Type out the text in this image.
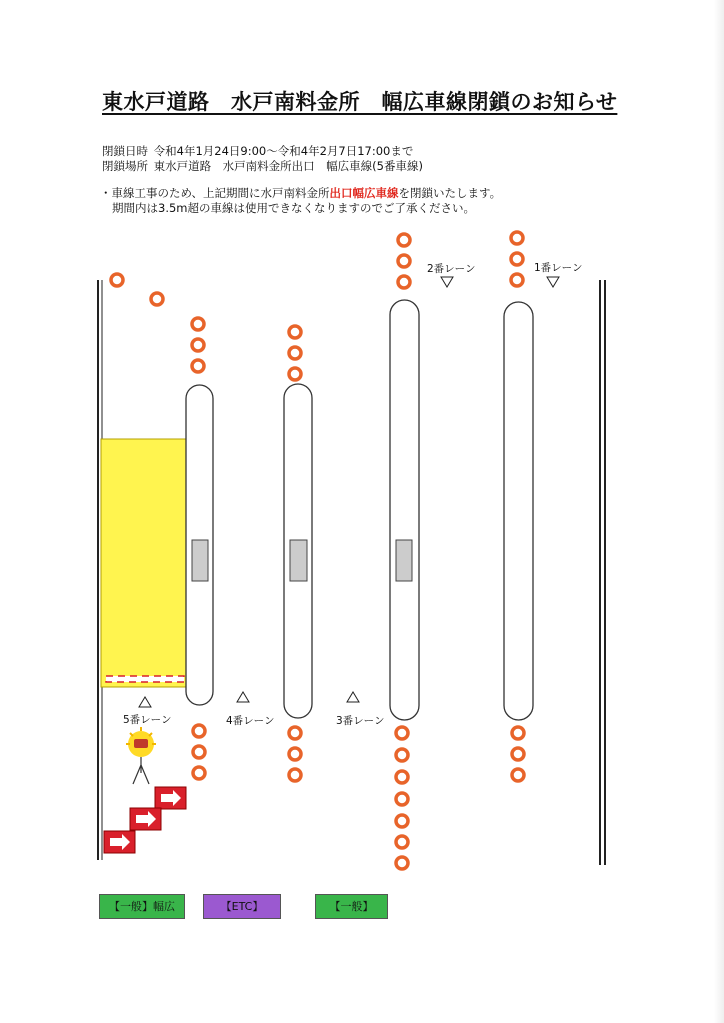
東水戸道路　水戸南料金所　幅広車線閉鎖のお知らせ
閉鎖日時 令和4年1月24日9:00～令和4年2月7日17:00まで
閉鎖場所 東水戸道路　水戸南料金所出口　幅広車線(5番車線)
・車線工事のため、上記期間に水戸南料金所出口幅広車線を閉鎖いたします。
期間内は3.5m超の車線は使用できなくなりますのでご了承ください。
5番レーン	4番レーン	3番レーン
2番レーン	1番レーン
【一般】幅広	【ETC】	【一般】
